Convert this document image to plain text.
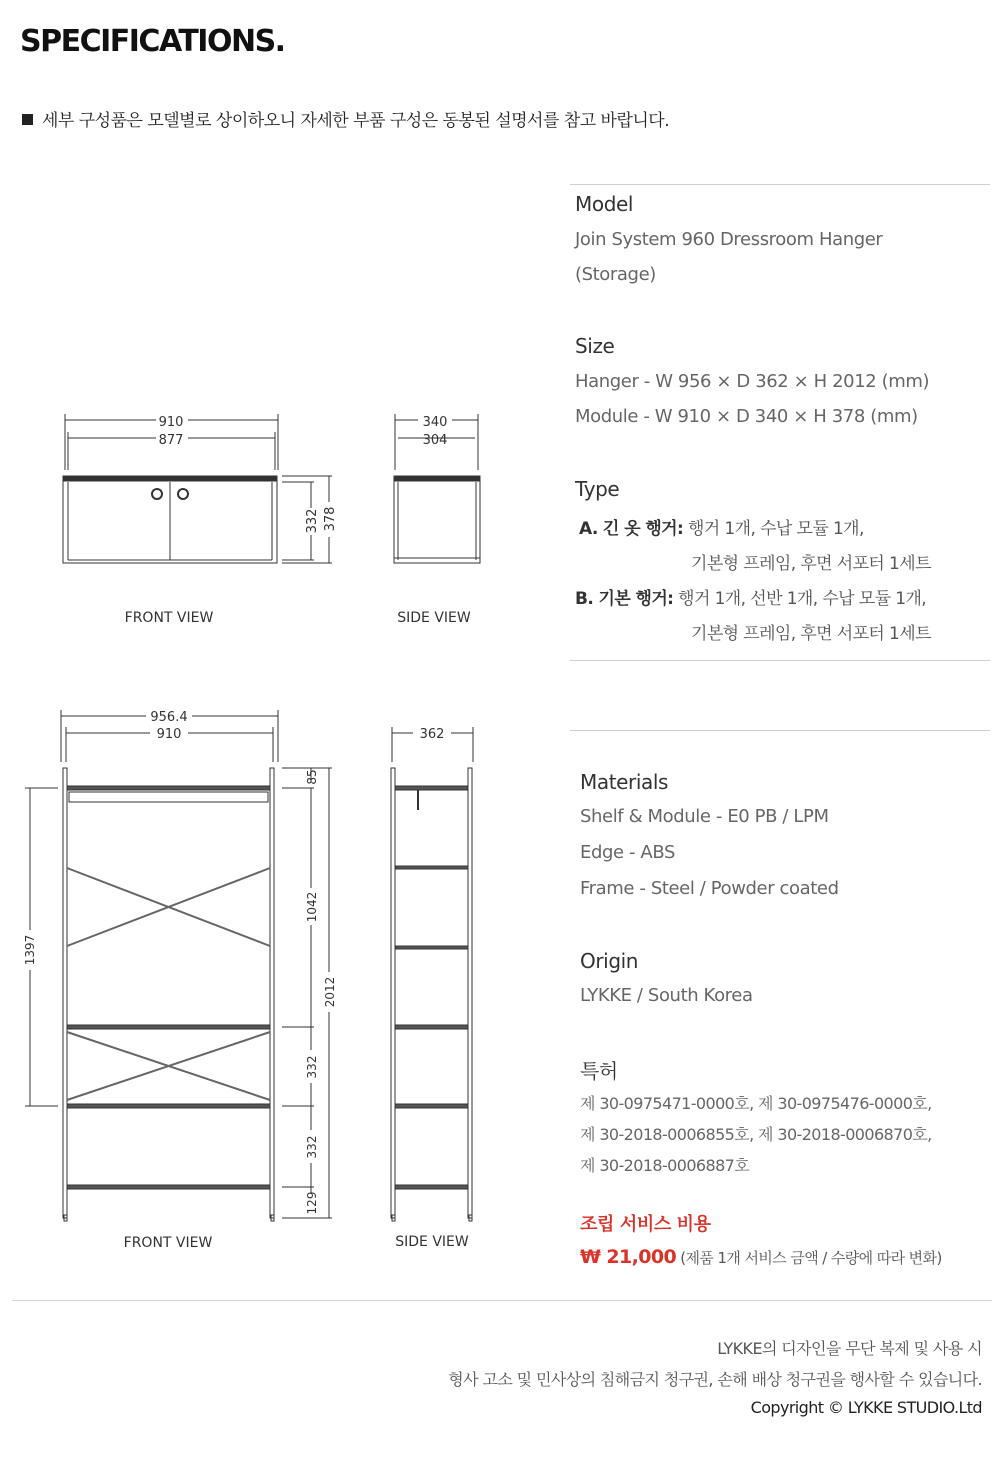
SPECIFICATIONS.
세부 구성품은 모델별로 상이하오니 자세한 부품 구성은 동봉된 설명서를 참고 바랍니다.
910
877
332 378
340
304
FRONT VIEW	SIDE VIEW
956.4
910	362
1397
85
1042
2012
332
332
129
FRONT VIEW	SIDE VIEW
Model
Join System 960 Dressroom Hanger
(Storage)
Size
Hanger - W 956 × D 362 × H 2012 (mm)
Module - W 910 × D 340 × H 378 (mm)
Type
A. 긴 옷 행거: 행거 1개, 수납 모듈 1개,
기본형 프레임, 후면 서포터 1세트
B. 기본 행거: 행거 1개, 선반 1개, 수납 모듈 1개,
기본형 프레임, 후면 서포터 1세트
Materials
Shelf & Module - E0 PB / LPM
Edge - ABS
Frame - Steel / Powder coated
Origin
LYKKE / South Korea
특허
제 30-0975471-0000호, 제 30-0975476-0000호,
제 30-2018-0006855호, 제 30-2018-0006870호,
제 30-2018-0006887호
조립 서비스 비용
₩ 21,000 (제품 1개 서비스 금액 / 수량에 따라 변화)
LYKKE의 디자인을 무단 복제 및 사용 시
형사 고소 및 민사상의 침해금지 청구권, 손해 배상 청구권을 행사할 수 있습니다.
Copyright © LYKKE STUDIO.Ltd
